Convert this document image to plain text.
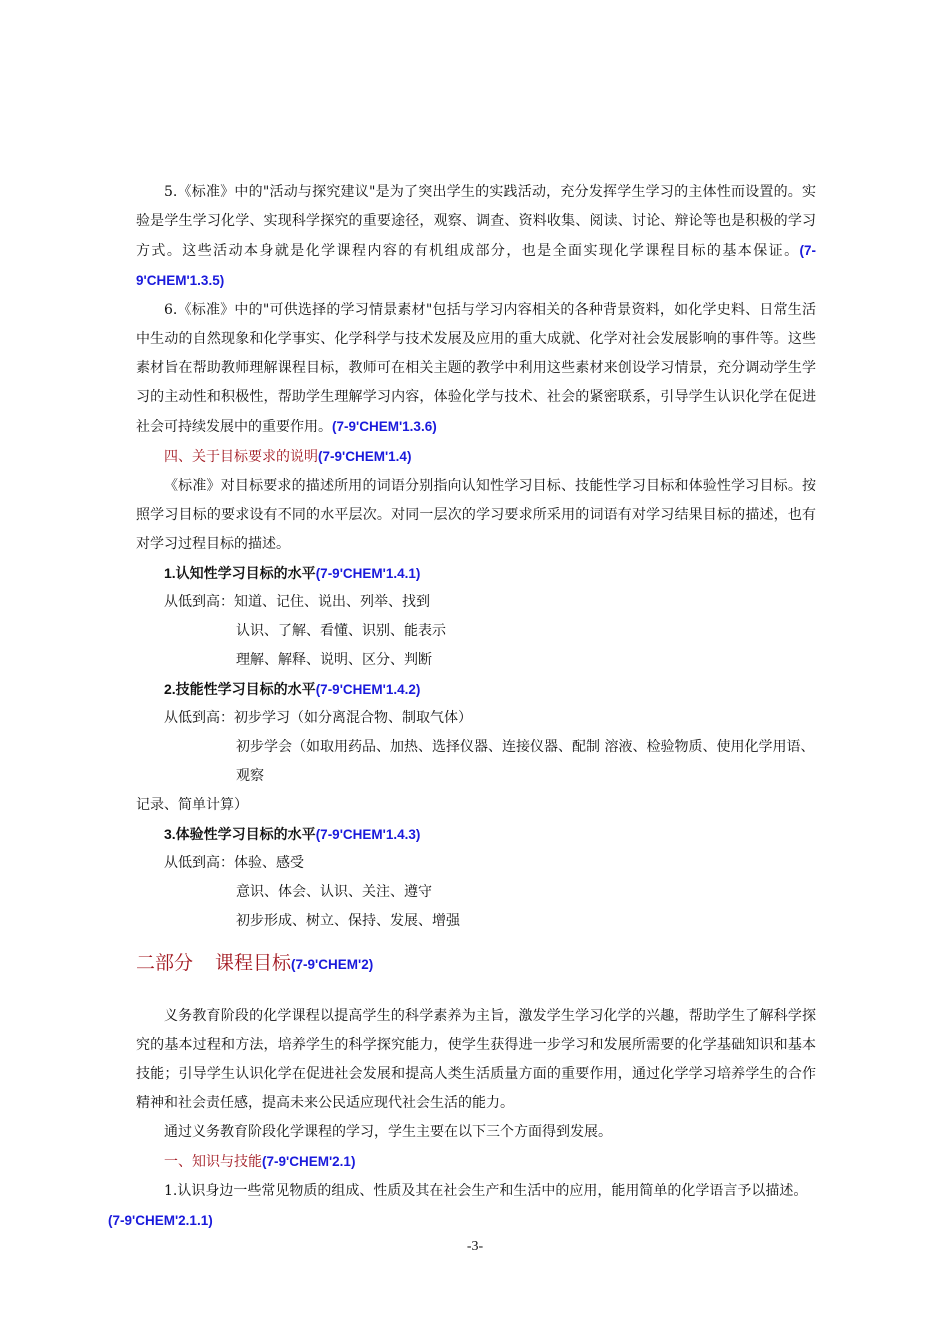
5.《标准》中的"活动与探究建议"是为了突出学生的实践活动，充分发挥学生学习的主体性而设置的。实验是学生学习化学、实现科学探究的重要途径，观察、调查、资料收集、阅读、讨论、辩论等也是积极的学习方式。这些活动本身就是化学课程内容的有机组成部分，也是全面实现化学课程目标的基本保证。(7-9'CHEM'1.3.5)

6.《标准》中的"可供选择的学习情景素材"包括与学习内容相关的各种背景资料，如化学史料、日常生活中生动的自然现象和化学事实、化学科学与技术发展及应用的重大成就、化学对社会发展影响的事件等。这些素材旨在帮助教师理解课程目标，教师可在相关主题的教学中利用这些素材来创设学习情景，充分调动学生学习的主动性和积极性，帮助学生理解学习内容，体验化学与技术、社会的紧密联系，引导学生认识化学在促进社会可持续发展中的重要作用。(7-9'CHEM'1.3.6)

四、关于目标要求的说明(7-9'CHEM'1.4)

《标准》对目标要求的描述所用的词语分别指向认知性学习目标、技能性学习目标和体验性学习目标。按照学习目标的要求设有不同的水平层次。对同一层次的学习要求所采用的词语有对学习结果目标的描述，也有对学习过程目标的描述。

1.认知性学习目标的水平(7-9'CHEM'1.4.1)
从低到高：知道、记住、说出、列举、找到
认识、了解、看懂、识别、能表示
理解、解释、说明、区分、判断
2.技能性学习目标的水平(7-9'CHEM'1.4.2)
从低到高：初步学习（如分离混合物、制取气体）
初步学会（如取用药品、加热、选择仪器、连接仪器、配制 溶液、检验物质、使用化学用语、观察
记录、简单计算）
3.体验性学习目标的水平(7-9'CHEM'1.4.3)
从低到高：体验、感受
意识、体会、认识、关注、遵守
初步形成、树立、保持、发展、增强
二部分 课程目标(7-9'CHEM'2)

义务教育阶段的化学课程以提高学生的科学素养为主旨，激发学生学习化学的兴趣，帮助学生了解科学探究的基本过程和方法，培养学生的科学探究能力，使学生获得进一步学习和发展所需要的化学基础知识和基本技能；引导学生认识化学在促进社会发展和提高人类生活质量方面的重要作用，通过化学学习培养学生的合作精神和社会责任感，提高未来公民适应现代社会生活的能力。

通过义务教育阶段化学课程的学习，学生主要在以下三个方面得到发展。

一、知识与技能(7-9'CHEM'2.1)

1.认识身边一些常见物质的组成、性质及其在社会生产和生活中的应用，能用简单的化学语言予以描述。
(7-9'CHEM'2.1.1)

-3-
